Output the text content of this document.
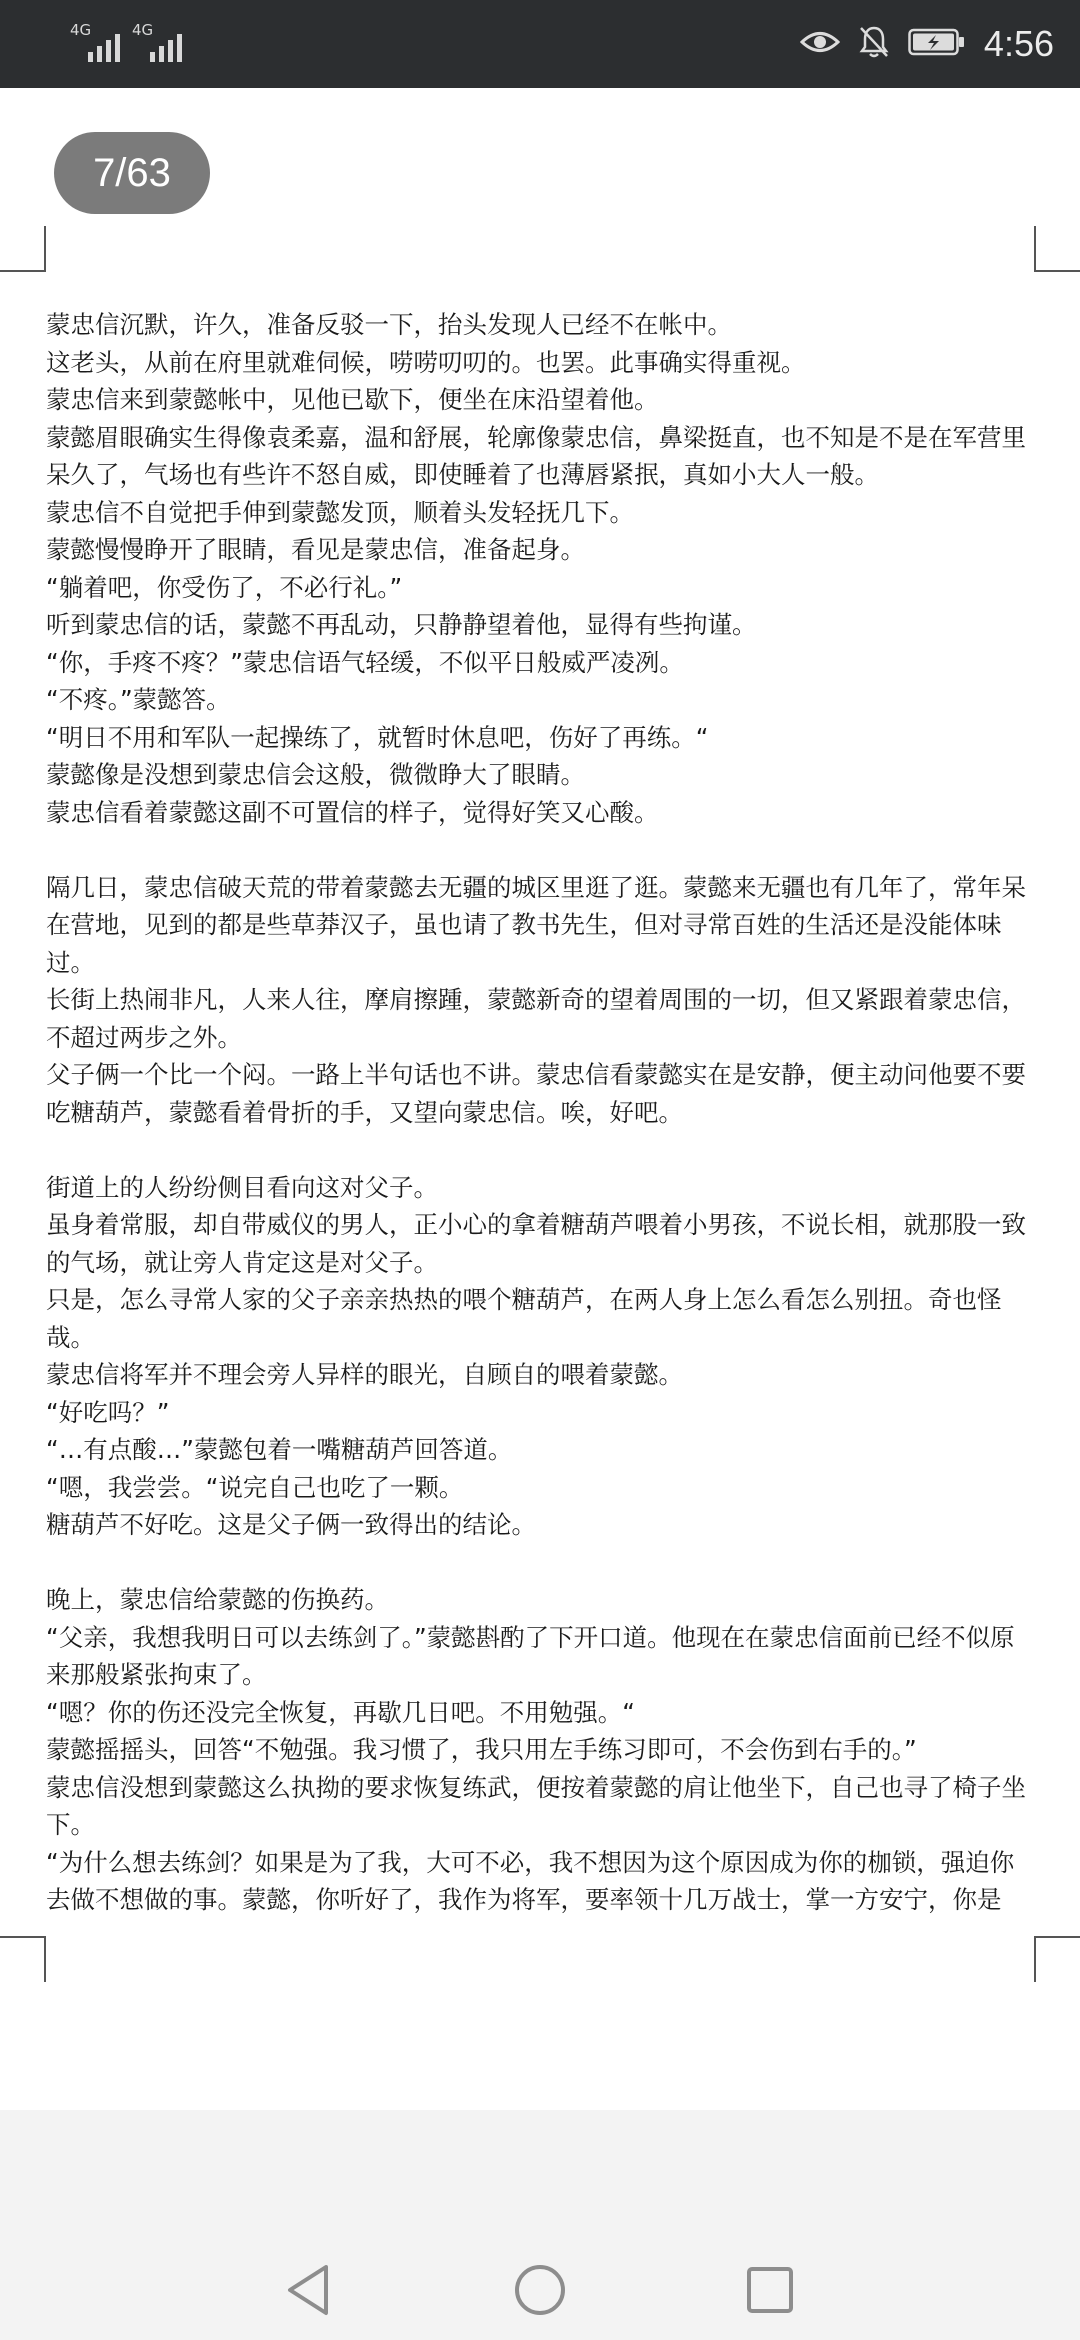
4G	4G	4:56
7/63

蒙忠信沉默，许久，准备反驳一下，抬头发现人已经不在帐中。

这老头，从前在府里就难伺候，唠唠叨叨的。也罢。此事确实得重视。

蒙忠信来到蒙懿帐中，见他已歇下，便坐在床沿望着他。

蒙懿眉眼确实生得像袁柔嘉，温和舒展，轮廓像蒙忠信，鼻梁挺直，也不知是不是在军营里呆久了，气场也有些许不怒自威，即使睡着了也薄唇紧抿，真如小大人一般。

蒙忠信不自觉把手伸到蒙懿发顶，顺着头发轻抚几下。

蒙懿慢慢睁开了眼睛，看见是蒙忠信，准备起身。

“躺着吧，你受伤了，不必行礼。”

听到蒙忠信的话，蒙懿不再乱动，只静静望着他，显得有些拘谨。

“你，手疼不疼？”蒙忠信语气轻缓，不似平日般威严凌冽。

“不疼。”蒙懿答。

“明日不用和军队一起操练了，就暂时休息吧，伤好了再练。“

蒙懿像是没想到蒙忠信会这般，微微睁大了眼睛。

蒙忠信看着蒙懿这副不可置信的样子，觉得好笑又心酸。

隔几日，蒙忠信破天荒的带着蒙懿去无疆的城区里逛了逛。蒙懿来无疆也有几年了，常年呆在营地，见到的都是些草莽汉子，虽也请了教书先生，但对寻常百姓的生活还是没能体味过。

长街上热闹非凡，人来人往，摩肩擦踵，蒙懿新奇的望着周围的一切，但又紧跟着蒙忠信，不超过两步之外。

父子俩一个比一个闷。一路上半句话也不讲。蒙忠信看蒙懿实在是安静，便主动问他要不要吃糖葫芦，蒙懿看着骨折的手，又望向蒙忠信。唉，好吧。

街道上的人纷纷侧目看向这对父子。

虽身着常服，却自带威仪的男人，正小心的拿着糖葫芦喂着小男孩，不说长相，就那股一致的气场，就让旁人肯定这是对父子。

只是，怎么寻常人家的父子亲亲热热的喂个糖葫芦，在两人身上怎么看怎么别扭。奇也怪哉。

蒙忠信将军并不理会旁人异样的眼光，自顾自的喂着蒙懿。

“好吃吗？”

“…有点酸…”蒙懿包着一嘴糖葫芦回答道。

“嗯，我尝尝。“说完自己也吃了一颗。

糖葫芦不好吃。这是父子俩一致得出的结论。

晚上，蒙忠信给蒙懿的伤换药。

“父亲，我想我明日可以去练剑了。”蒙懿斟酌了下开口道。他现在在蒙忠信面前已经不似原来那般紧张拘束了。

“嗯？你的伤还没完全恢复，再歇几日吧。不用勉强。“

蒙懿摇摇头，回答“不勉强。我习惯了，我只用左手练习即可，不会伤到右手的。”

蒙忠信没想到蒙懿这么执拗的要求恢复练武，便按着蒙懿的肩让他坐下，自己也寻了椅子坐下。

“为什么想去练剑？如果是为了我，大可不必，我不想因为这个原因成为你的枷锁，强迫你去做不想做的事。蒙懿，你听好了，我作为将军，要率领十几万战士，掌一方安宁，你是
